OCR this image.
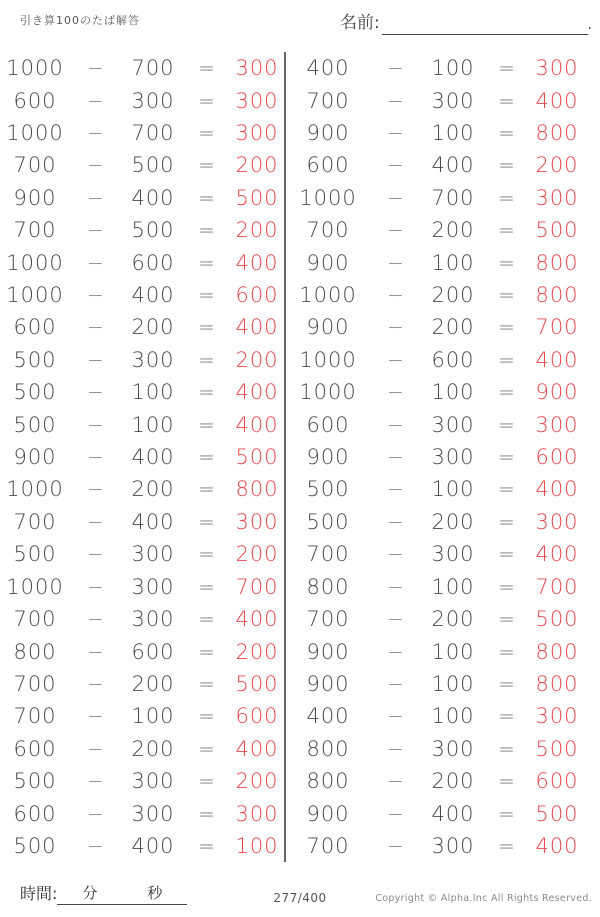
引き算100のたば解答	名前:	.
1000	−	700	= 300
600	−	300	= 300
1000	−	700	= 300
700	−	500	= 200
900	−	400	= 500
700	−	500	= 200
1000	−	600	= 400
1000	−	400	= 600
600	−	200	= 400
500	−	300	= 200
500	−	100	= 400
500	−	100	= 400
900	−	400	= 500
1000	−	200	= 800
700	−	400	= 300
500	−	300	= 200
1000	−	300	= 700
700	−	300	= 400
800	−	600	= 200
700	−	200	= 500
700	−	100	= 600
600	−	200	= 400
500	−	300	= 200
600	−	300	= 300
500	−	400	= 100
400	−	100	= 300
700	−	300	= 400
900	−	100	= 800
600	−	400	= 200
1000	−	700	= 300
700	−	200	= 500
900	−	100	= 800
1000	−	200	= 800
900	−	200	= 700
1000	−	600	= 400
1000	−	100	= 900
600	−	300	= 300
900	−	300	= 600
500	−	100	= 400
500	−	200	= 300
700	−	300	= 400
800	−	100	= 700
700	−	200	= 500
900	−	100	= 800
900	−	100	= 800
400	−	100	= 300
800	−	300	= 500
800	−	200	= 600
900	−	400	= 500
700	−	300	= 400
時間: 分	秒	277/400	Copyright © Alpha.Inc All Rights Reserved.
